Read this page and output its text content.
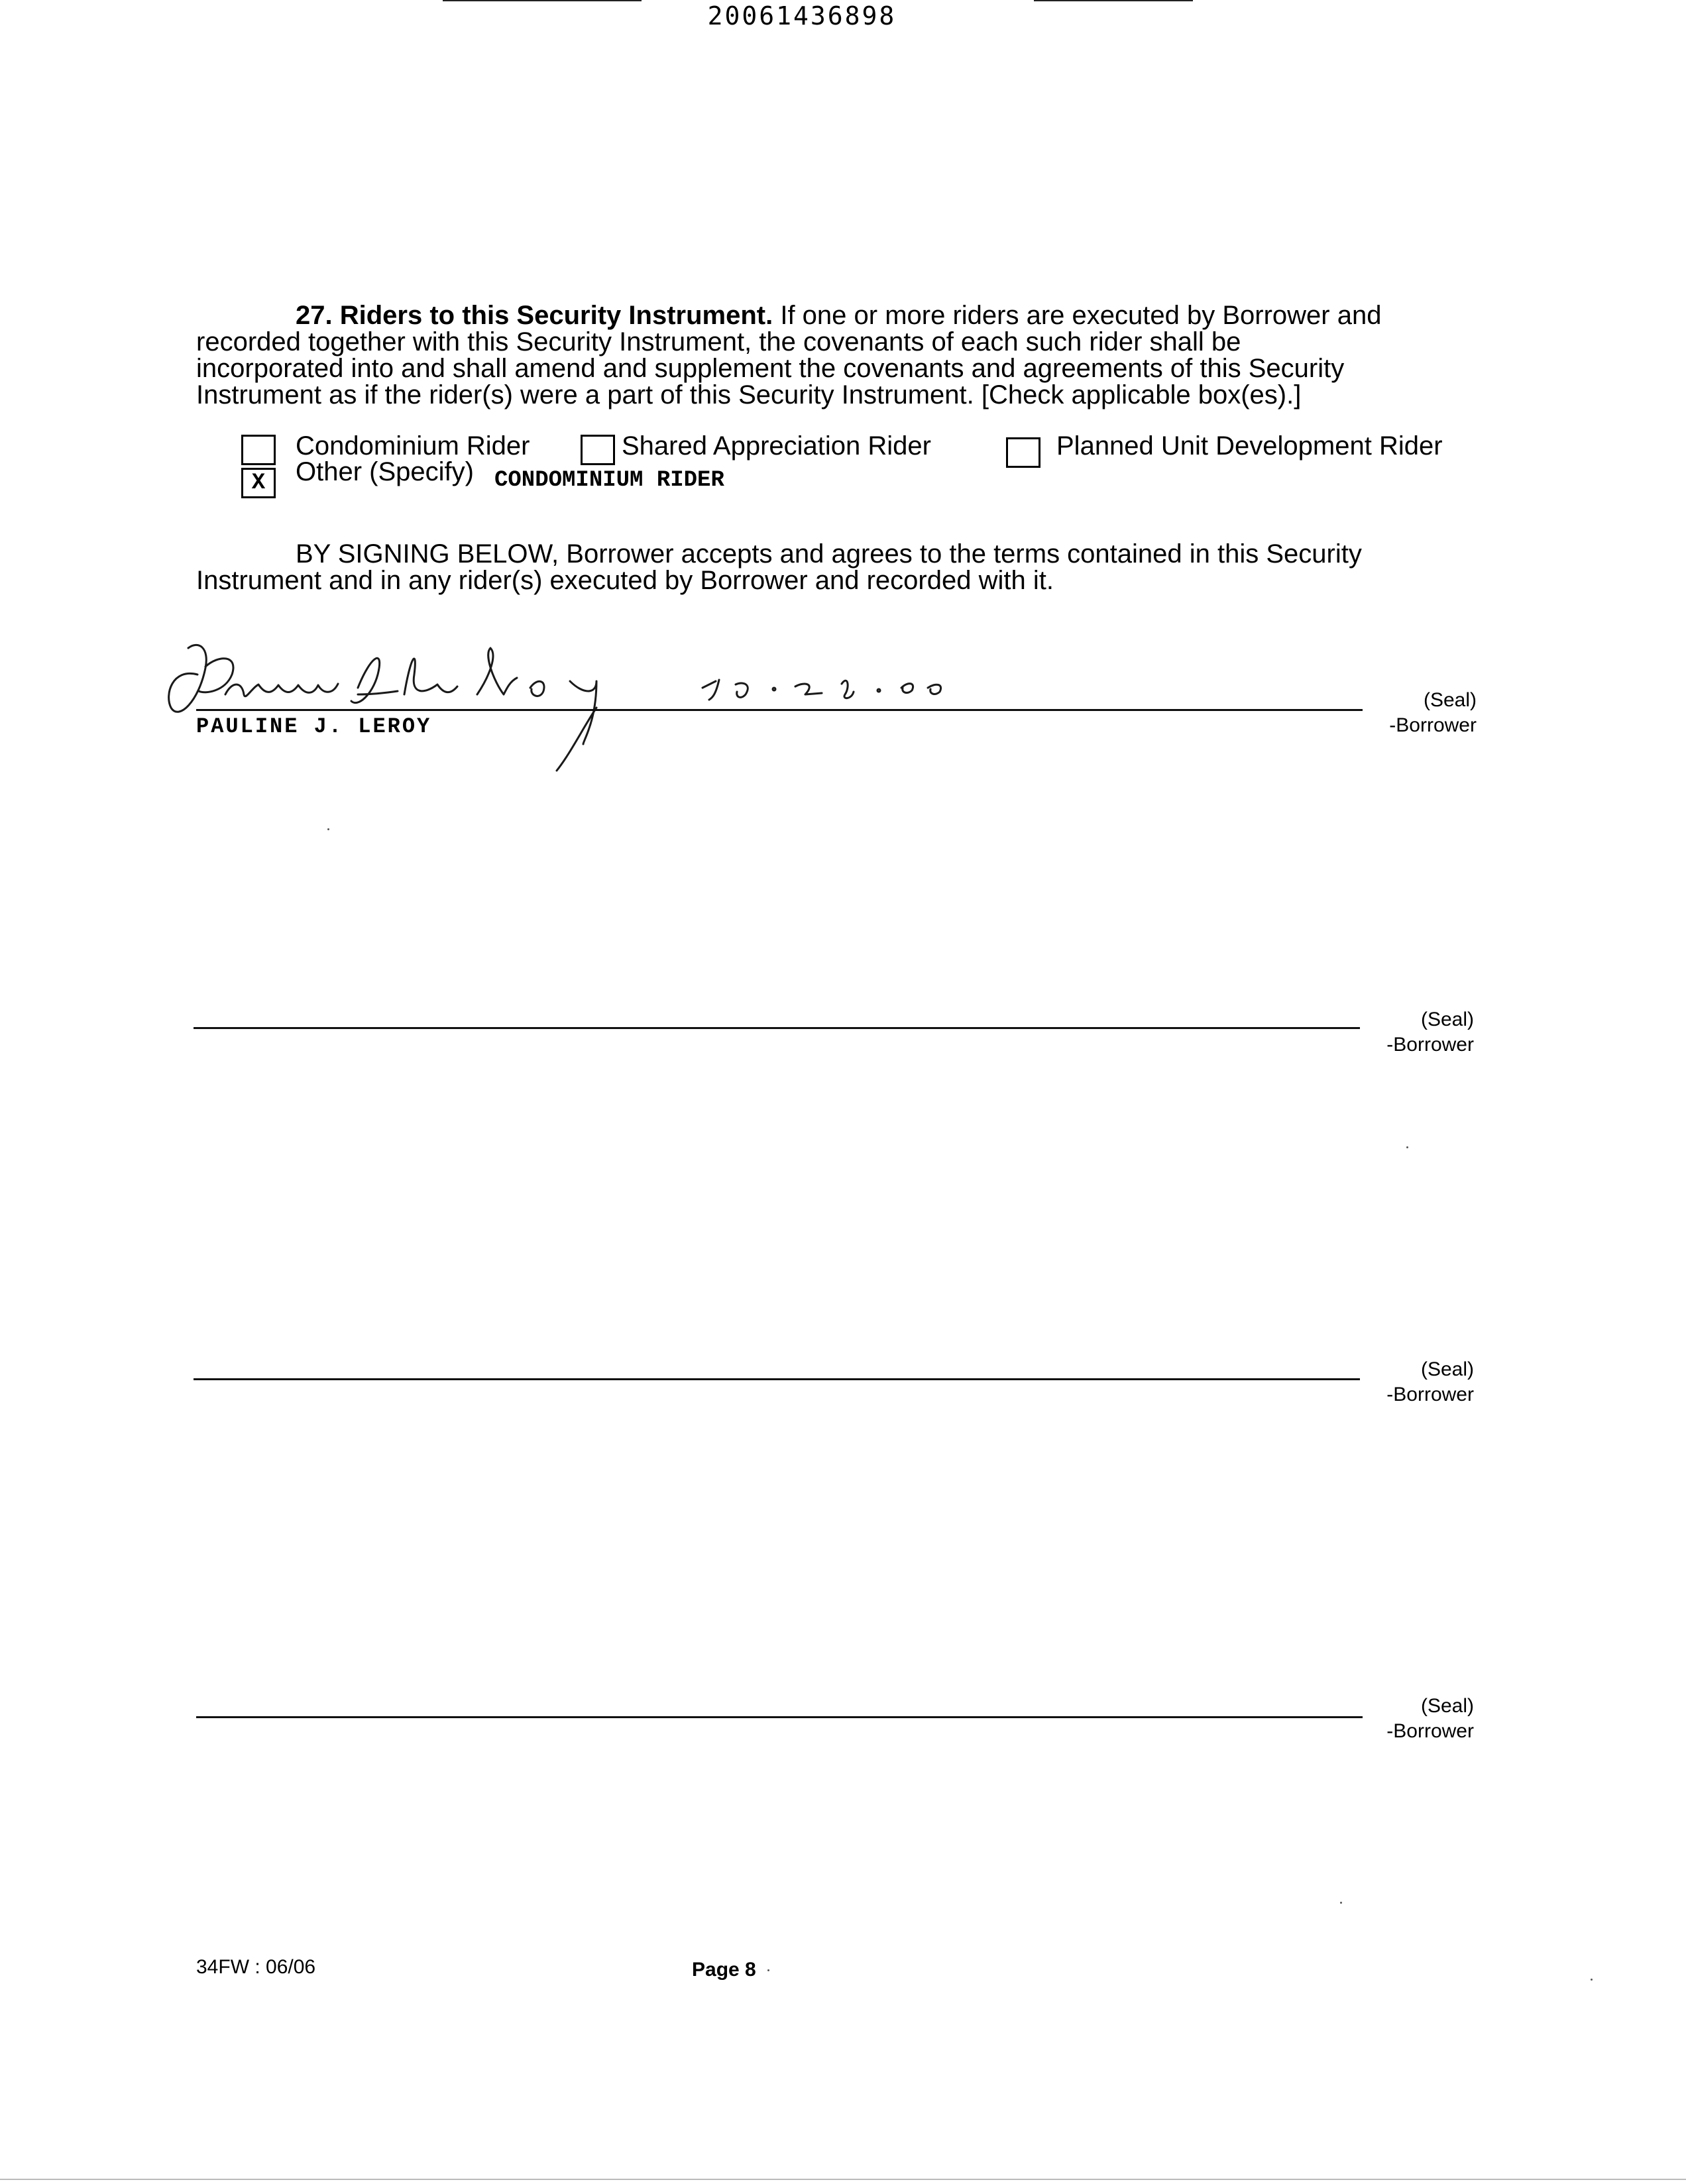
20061436898
27. Riders to this Security Instrument. If one or more riders are executed by Borrower and
recorded together with this Security Instrument, the covenants of each such rider shall be
incorporated into and shall amend and supplement the covenants and agreements of this Security
Instrument as if the rider(s) were a part of this Security Instrument. [Check applicable box(es).]
Condominium Rider	Shared Appreciation Rider	Planned Unit Development Rider
X	Other (Specify) CONDOMINIUM RIDER
BY SIGNING BELOW, Borrower accepts and agrees to the terms contained in this Security
Instrument and in any rider(s) executed by Borrower and recorded with it.
PAULINE J. LEROY
(Seal)
-Borrower
(Seal)
-Borrower
(Seal)
-Borrower
(Seal)
-Borrower
34FW : 06/06	Page 8
